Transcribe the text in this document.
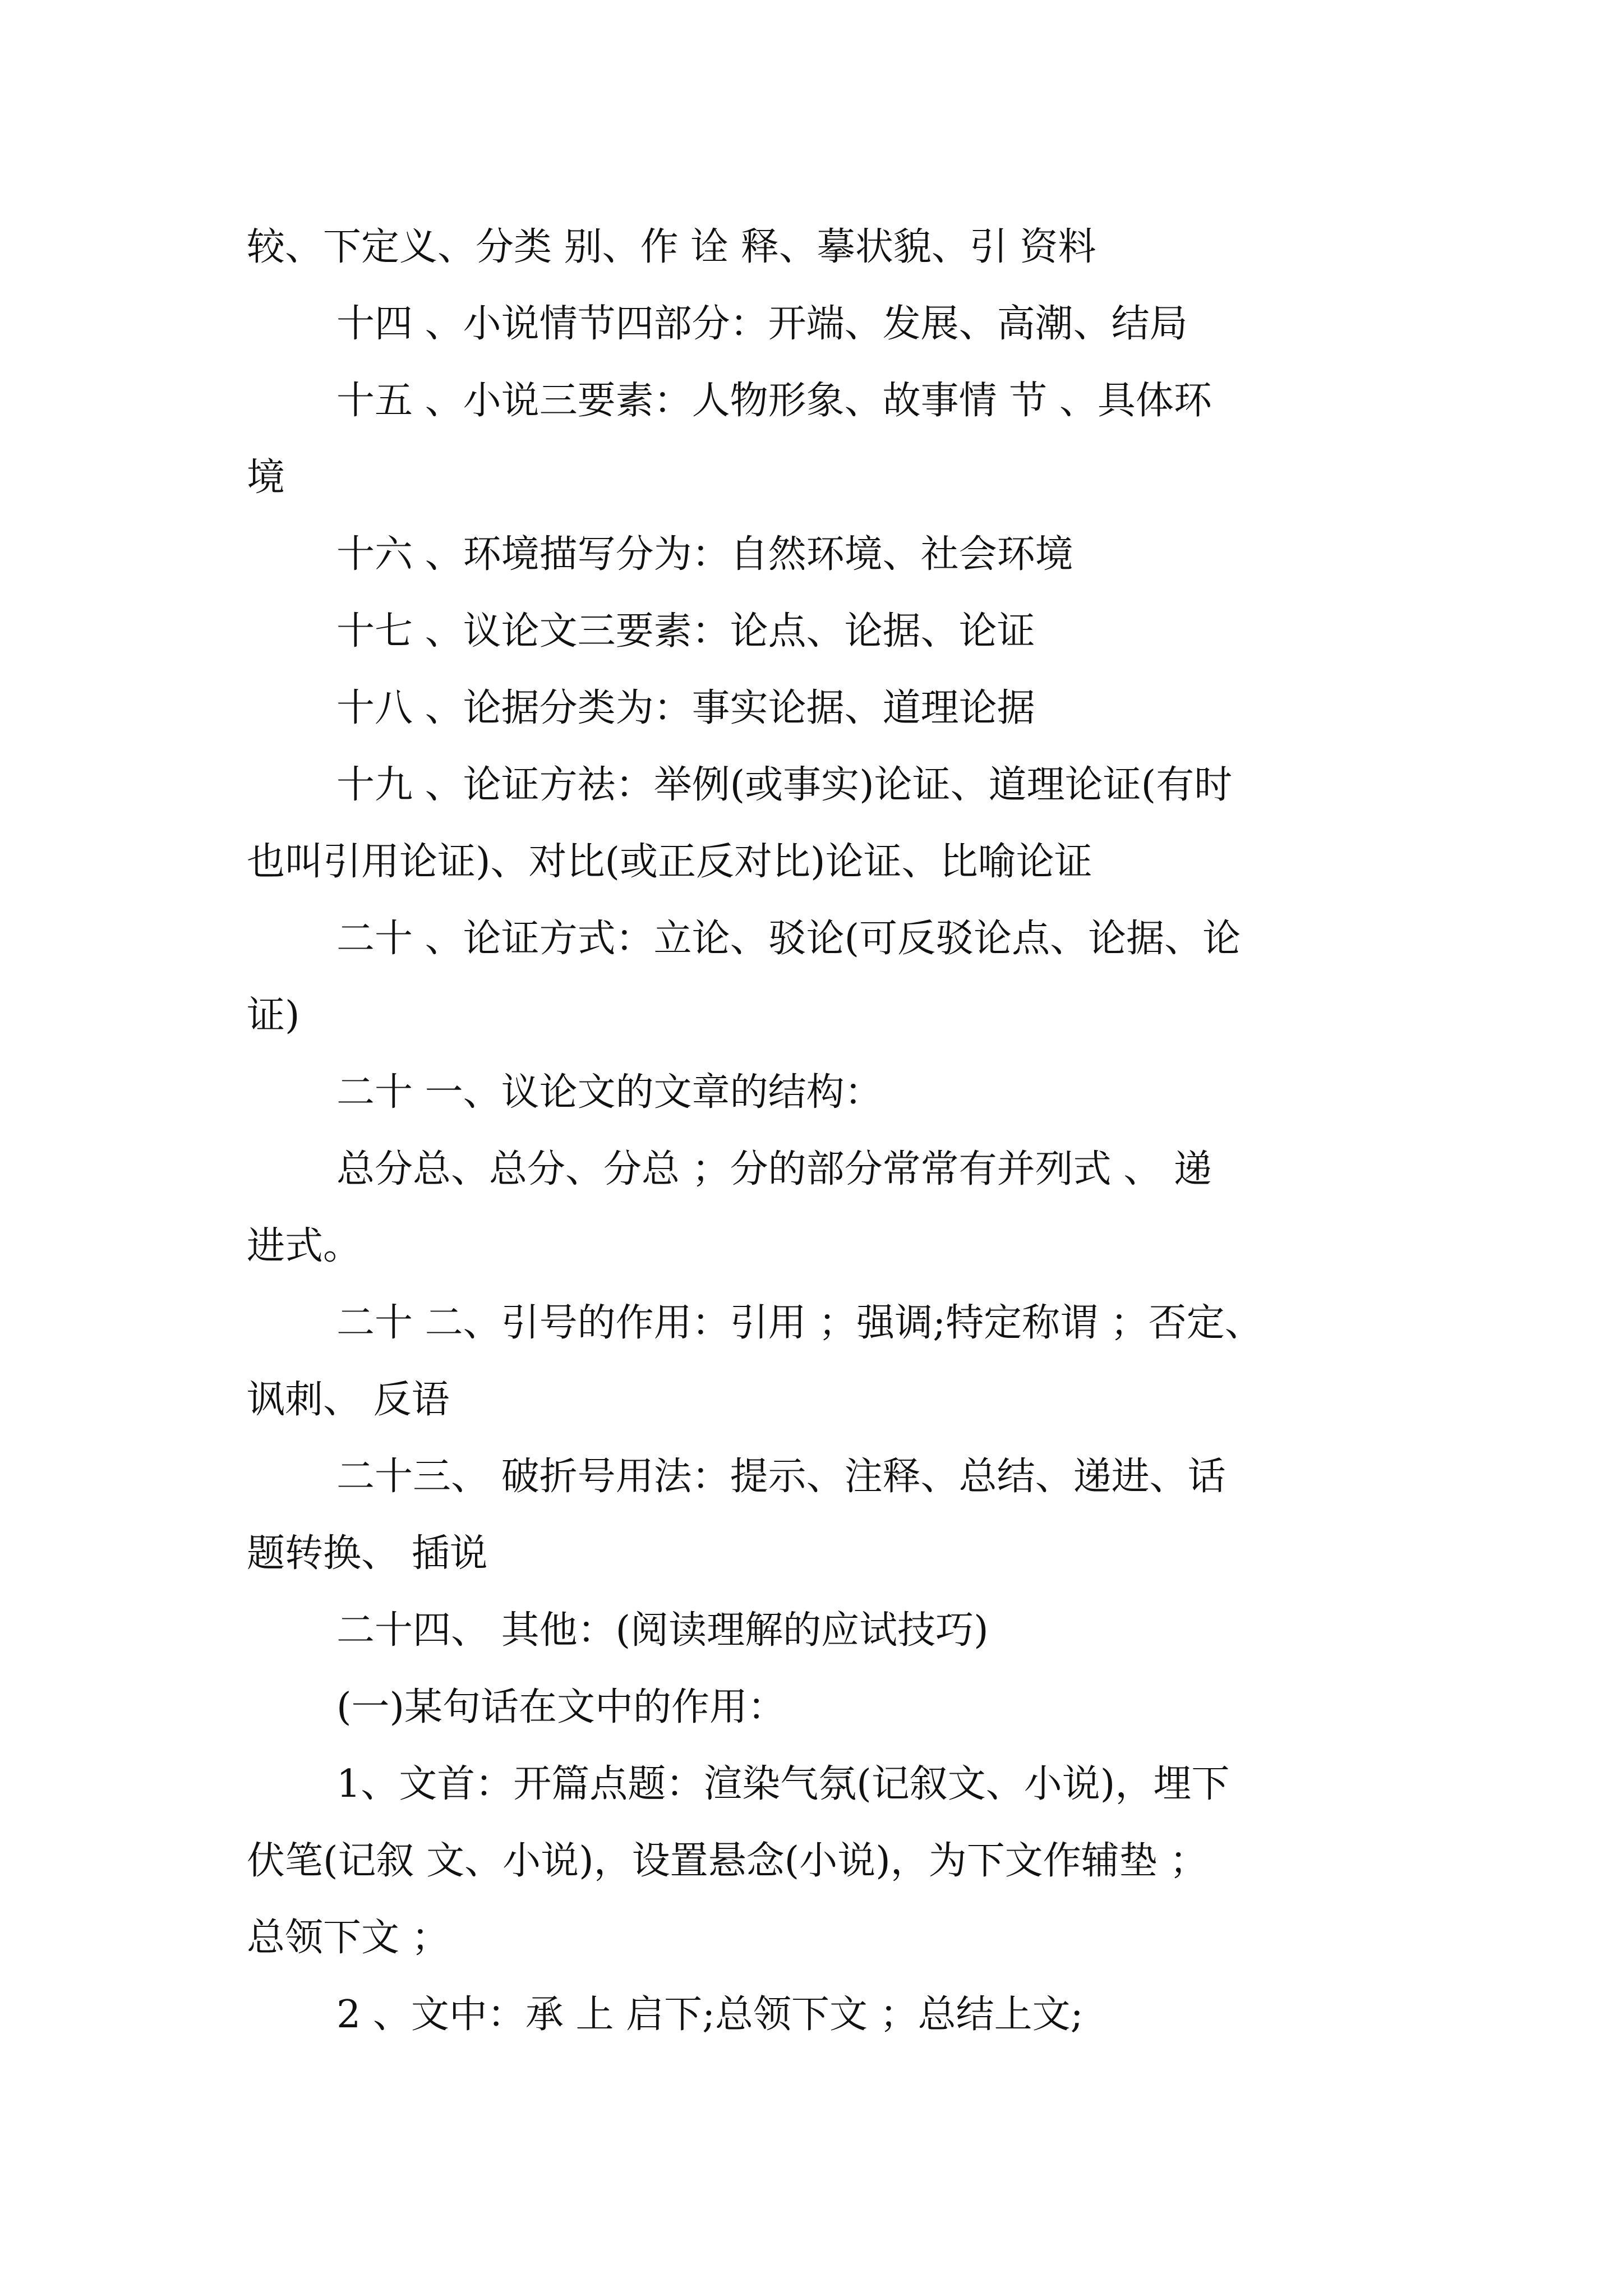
较、下定义、分类 别、作 诠 释、摹状貌、引 资料
十四 、小说情节四部分：开端、发展、高潮、结局
十五 、小说三要素：人物形象、故事情 节 、具体环
境
十六 、环境描写分为：自然环境、社会环境
十七 、议论文三要素：论点、论据、论证
十八 、论据分类为：事实论据、道理论据
十九 、论证方祛：举例(或事实)论证、道理论证(有时
也叫引用论证)、对比(或正反对比)论证、比喻论证
二十 、论证方式：立论、驳论(可反驳论点、论据、论
证)
二十 一、议论文的文章的结构：
总分总、总分、分总 ；分的部分常常有并列式 、 递
进式。
二十 二、引号的作用：引用 ；强调;特定称谓 ；否定、
讽刺、 反语
二十三、 破折号用法：提示、注释、总结、递进、话
题转换、 插说
二十四、 其他：(阅读理解的应试技巧)
(一)某句话在文中的作用：
1、文首：开篇点题：渲染气氛(记叙文、小说)，埋下
伏笔(记叙 文、小说)，设置悬念(小说)，为下文作辅垫 ；
总领下文 ；
2 、文中：承 上 启下;总领下文 ；总结上文;
